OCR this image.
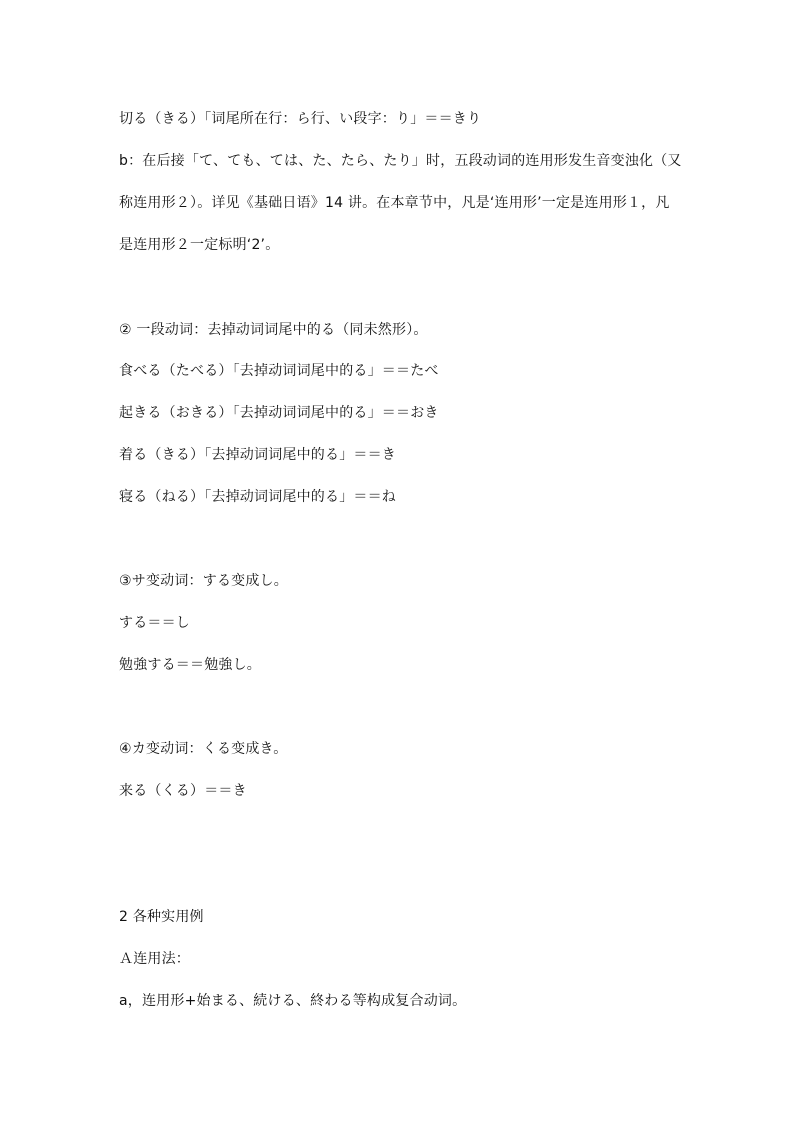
切る（きる）「词尾所在行：ら行、い段字：り」＝＝きり
b：在后接「て、ても、ては、た、たら、たり」时，五段动词的连用形发生音变浊化（又
称连用形２）。详见《基础日语》14 讲。在本章节中，凡是‘连用形’一定是连用形１，凡
是连用形２一定标明‘2’。
② 一段动词：去掉动词词尾中的る（同未然形）。
食べる（たべる）「去掉动词词尾中的る」＝＝たべ
起きる（おきる）「去掉动词词尾中的る」＝＝おき
着る（きる）「去掉动词词尾中的る」＝＝き
寝る（ねる）「去掉动词词尾中的る」＝＝ね
③サ变动词：する变成し。
する＝＝し
勉強する＝＝勉強し。
④カ变动词：くる变成き。
来る（くる）＝＝き
2 各种实用例
Ａ连用法：
a，连用形+始まる、続ける、終わる等构成复合动词。
